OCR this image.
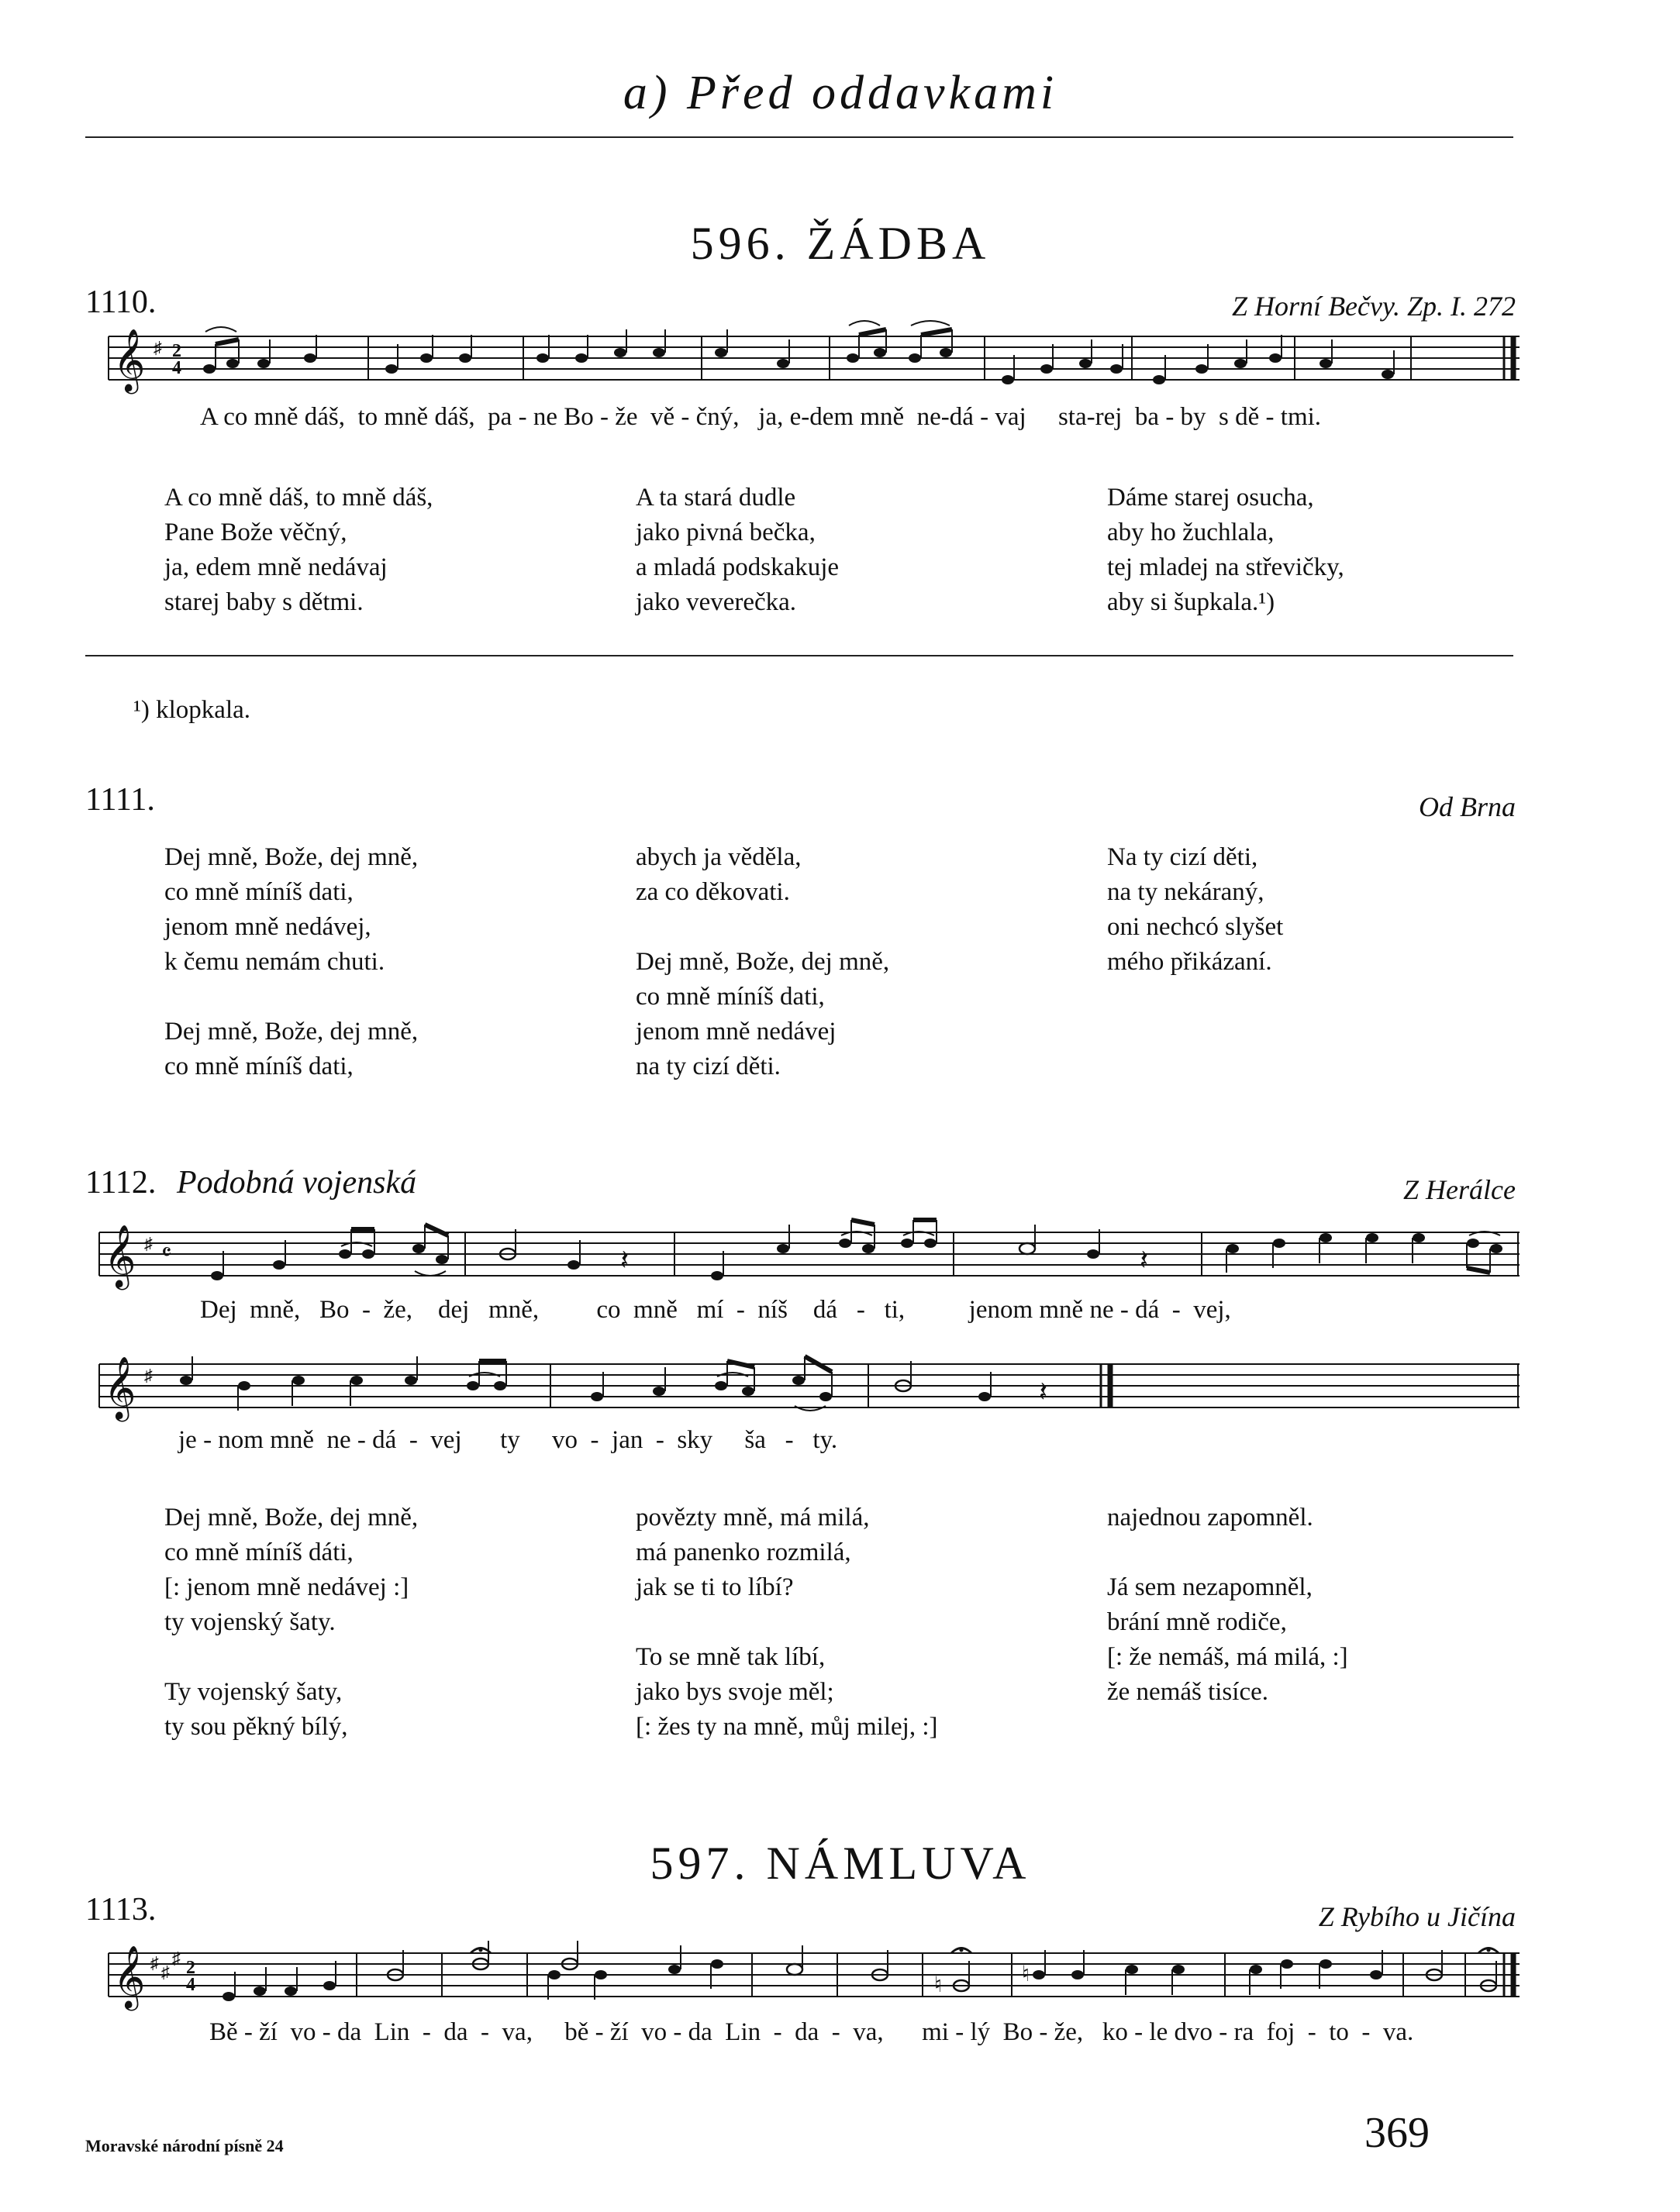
a) Před oddavkami
596. ŽÁDBA
1110.	Z Horní Bečvy. Zp. I. 272
𝄞 ♯ 2
4
A co mně dáš,  to mně dáš,  pa - ne Bo - že  vě - čný,   ja, e-dem mně  ne-dá - vaj     sta-rej  ba - by  s dě - tmi.
A co mně dáš, to mně dáš,
Pane Bože věčný,
ja, edem mně nedávaj
starej baby s dětmi.
A ta stará dudle
jako pivná bečka,
a mladá podskakuje
jako veverečka.
Dáme starej osucha,
aby ho žuchlala,
tej mladej na střevičky,
aby si šupkala.¹)
¹) klopkala.
1111.	Od Brna
Dej mně, Bože, dej mně,
co mně míníš dati,
jenom mně nedávej,
k čemu nemám chuti.

Dej mně, Bože, dej mně,
co mně míníš dati,
abych ja věděla,
za co děkovati.

Dej mně, Bože, dej mně,
co mně míníš dati,
jenom mně nedávej
na ty cizí děti.
Na ty cizí děti,
na ty nekáraný,
oni nechcó slyšet
mého přikázaní.
1112. Podobná vojenská	Z Herálce
𝄞 ♯ 𝄴	𝄽	𝄽
Dej  mně,   Bo  -  že,    dej   mně,         co  mně   mí  -  níš    dá   -   ti,          jenom mně ne - dá  -  vej,
𝄞 ♯
𝄽
je - nom mně  ne - dá  -  vej      ty     vo  -  jan  -  sky     ša   -   ty.
Dej mně, Bože, dej mně,
co mně míníš dáti,
[: jenom mně nedávej :]
ty vojenský šaty.

Ty vojenský šaty,
ty sou pěkný bílý,
povězty mně, má milá,
má panenko rozmilá,
jak se ti to líbí?

To se mně tak líbí,
jako bys svoje měl;
[: žes ty na mně, můj milej, :]
najednou zapomněl.

Já sem nezapomněl,
brání mně rodiče,
[: že nemáš, má milá, :]
že nemáš tisíce.
597. NÁMLUVA
1113.	Z Rybího u Jičína
𝄞 ♯ ♯
♯ 2
4	♮	♮
Bě - ží  vo - da  Lin  -  da  -  va,     bě - ží  vo - da  Lin  -  da  -  va,      mi - lý  Bo - že,   ko - le dvo - ra  foj  -  to  -  va.
Moravské národní písně 24	369
